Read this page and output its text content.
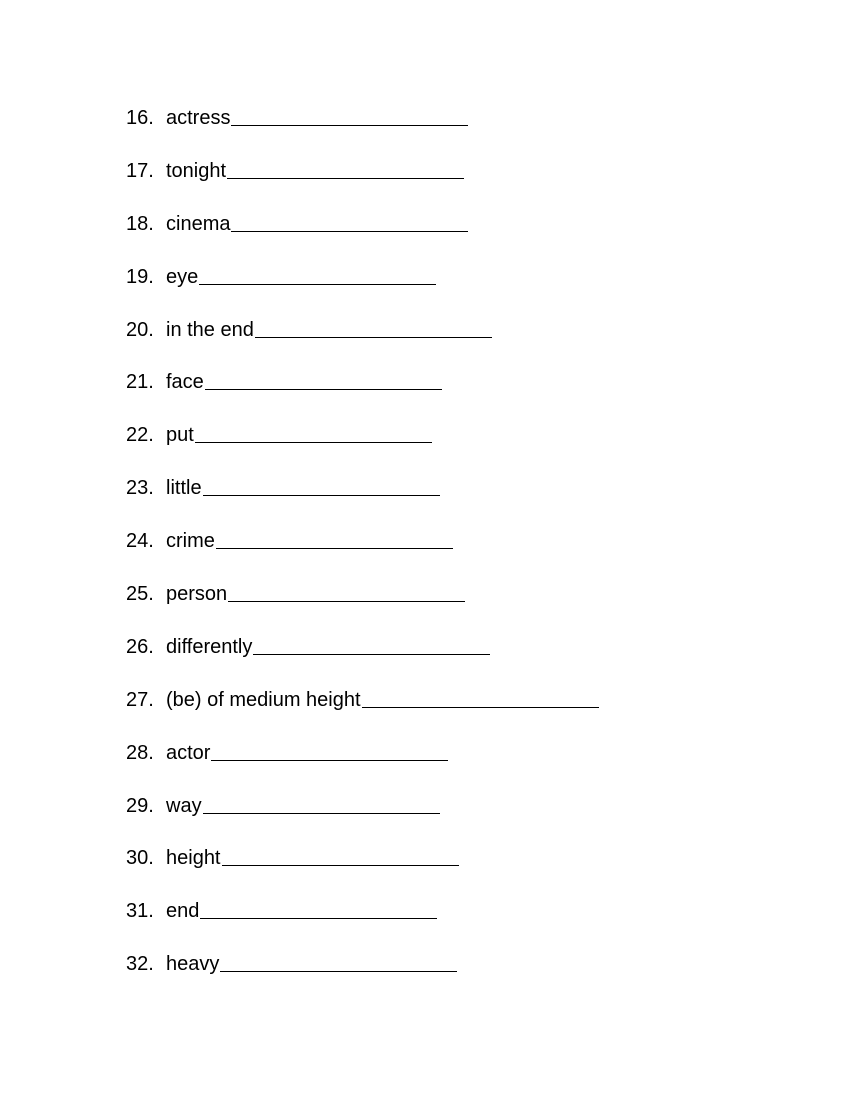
16. actress
17. tonight
18. cinema
19. eye
20. in the end
21. face
22. put
23. little
24. crime
25. person
26. differently
27. (be) of medium height
28. actor
29. way
30. height
31. end
32. heavy
